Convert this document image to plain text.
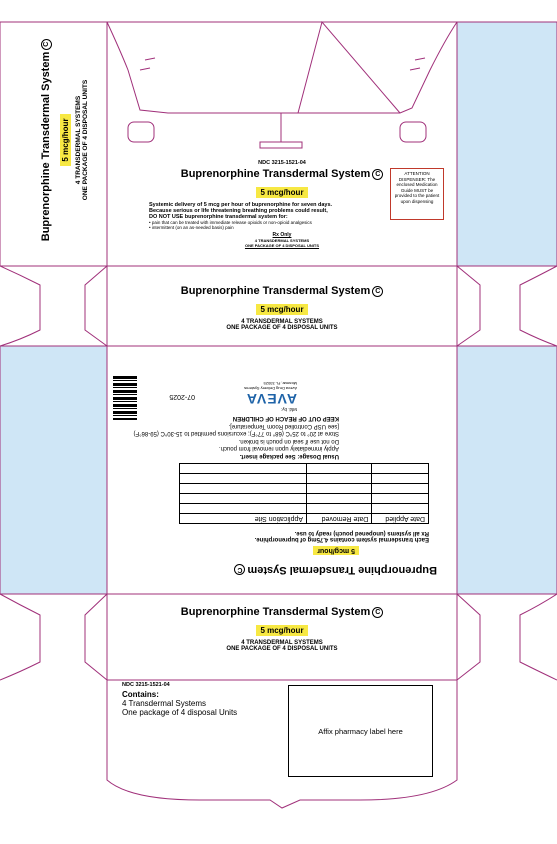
Buprenorphine Transdermal SystemC
5 mcg/hour 4 TRANSDERMAL SYSTEMS ONE PACKAGE OF 4 DISPOSAL UNITS	NDC 3215-1521-04
Buprenorphine Transdermal System C
5 mcg/hour
Systemic delivery of 5 mcg per hour of buprenorphine for seven days.
Because serious or life threatening breathing problems could result,
DO NOT USE buprenorphine transdermal system for:
• pain that can be treated with immediate release opioids or non-opioid analgesics
• intermittent (on an as-needed basis) pain
Rx Only
4 TRANSDERMAL SYSTEMS
ONE PACKAGE OF 4 DISPOSAL UNITS
ATTENTION DISPENSER: The enclosed Medication Guide MUST be provided to the patient upon dispensing
Buprenorphine Transdermal System C
5 mcg/hour
4 TRANSDERMAL SYSTEMS
ONE PACKAGE OF 4 DISPOSAL UNITS
Buprenorphine Transdermal SystemC
5 mcg/hour
Each transdermal system contains 4.75mg of buprenorphine.
Rx all systems (unopened pouch) ready to use.
Date Applied	Date Removed	Application Site

Usual Dosage: See package insert.
Apply immediately upon removal from pouch.
Do not use if seal on pouch is broken.
Store at 20° to 25°C (68° to 77°F); excursions permitted to 15-30°C (59-86°F)
[see USP Controlled Room Temperature].
KEEP OUT OF REACH OF CHILDREN
Mfd. by:
AVEVA
Aveva Drug Delivery Systems
Miramar, FL 33025
07-2025
Buprenorphine Transdermal System C
5 mcg/hour
4 TRANSDERMAL SYSTEMS
ONE PACKAGE OF 4 DISPOSAL UNITS
NDC 3215-1521-04
Contains:
4 Transdermal Systems
One package of 4 disposal Units
Affix pharmacy label here
